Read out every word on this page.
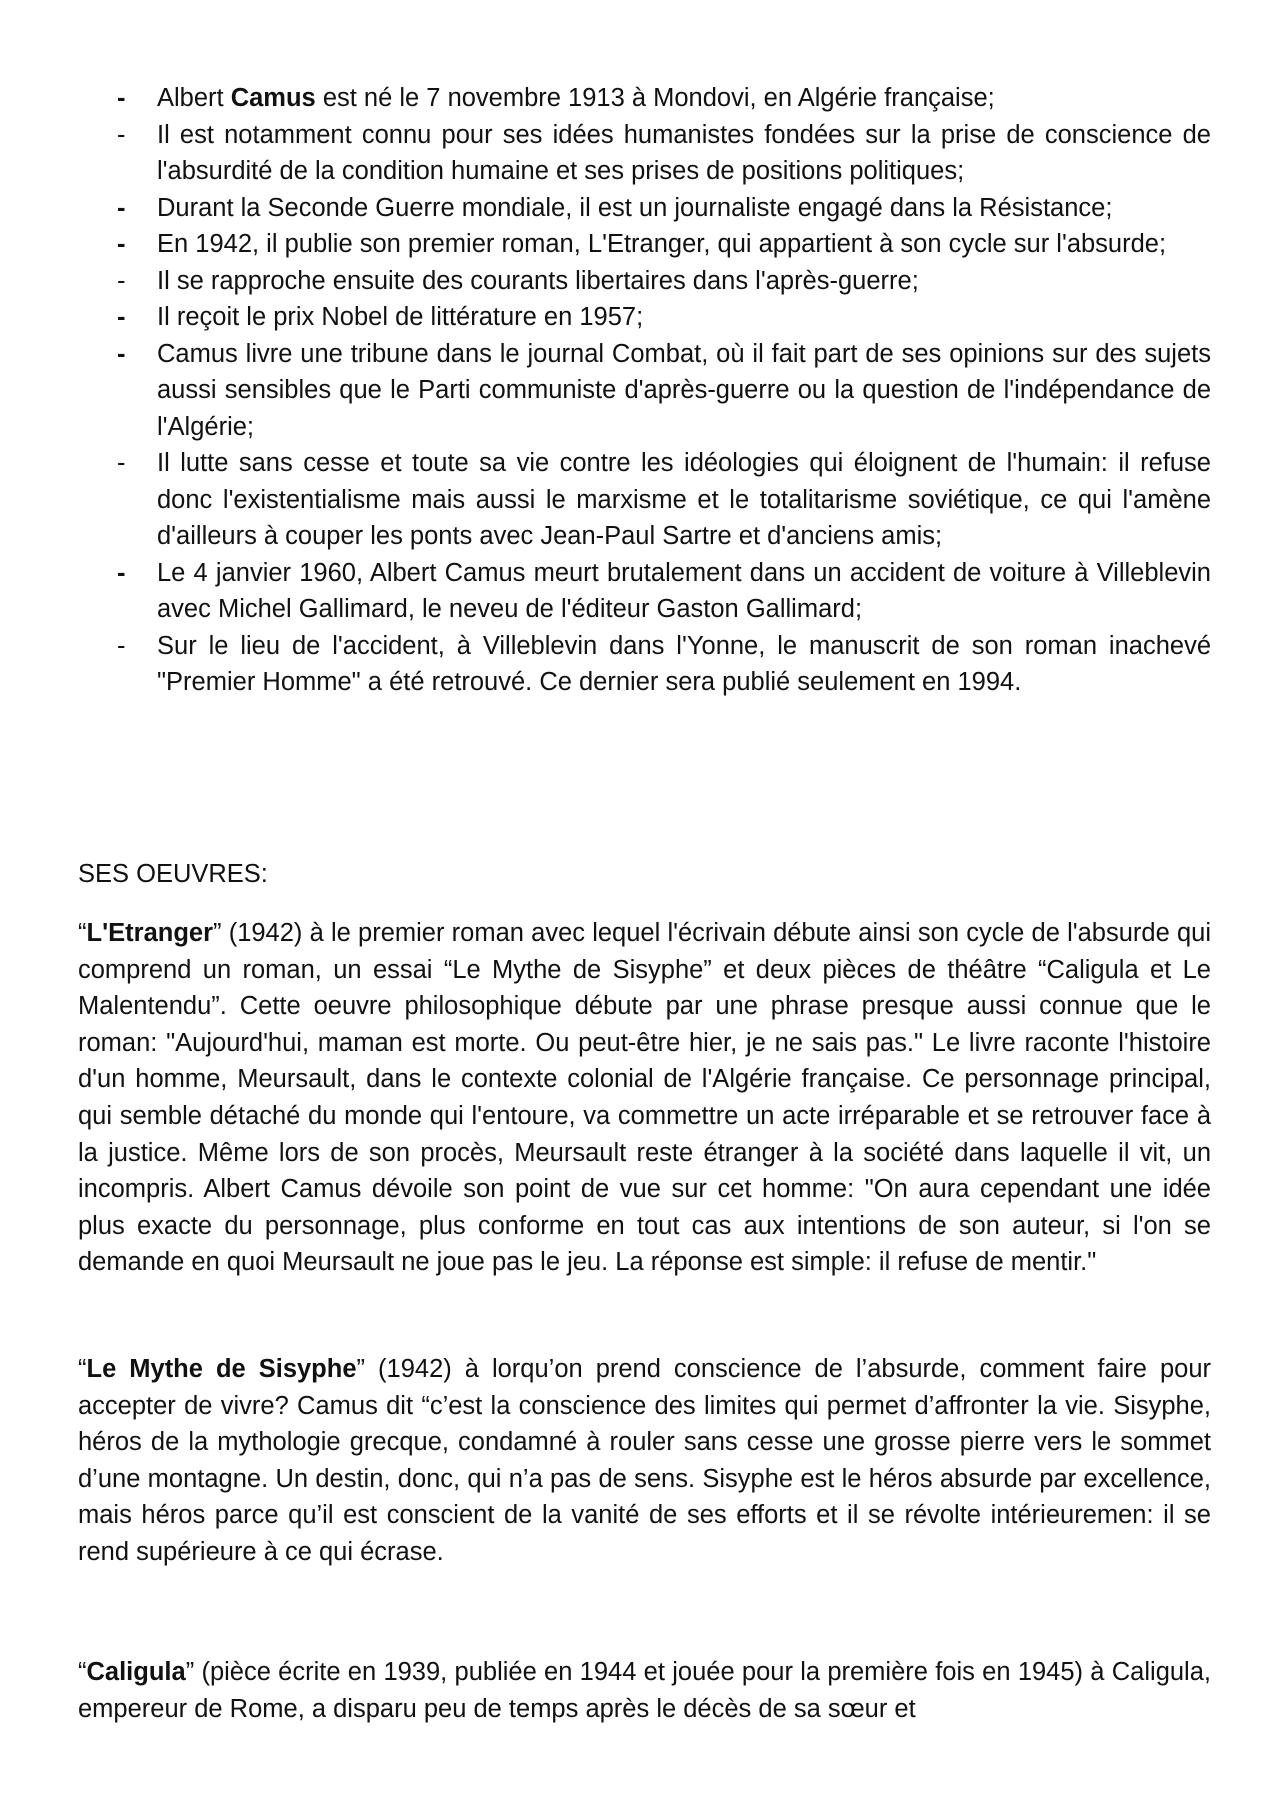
-	Albert Camus est né le 7 novembre 1913 à Mondovi, en Algérie française;
-	Il est notamment connu pour ses idées humanistes fondées sur la prise de conscience de l'absurdité de la condition humaine et ses prises de positions politiques;
-	Durant la Seconde Guerre mondiale, il est un journaliste engagé dans la Résistance;
-	En 1942, il publie son premier roman, L'Etranger, qui appartient à son cycle sur l'absurde;
-	Il se rapproche ensuite des courants libertaires dans l'après-guerre;
-	Il reçoit le prix Nobel de littérature en 1957;
-	Camus livre une tribune dans le journal Combat, où il fait part de ses opinions sur des sujets aussi sensibles que le Parti communiste d'après-guerre ou la question de l'indépendance de l'Algérie;
-	Il lutte sans cesse et toute sa vie contre les idéologies qui éloignent de l'humain: il refuse donc l'existentialisme mais aussi le marxisme et le totalitarisme soviétique, ce qui l'amène d'ailleurs à couper les ponts avec Jean-Paul Sartre et d'anciens amis;
-	Le 4 janvier 1960, Albert Camus meurt brutalement dans un accident de voiture à Villeblevin avec Michel Gallimard, le neveu de l'éditeur Gaston Gallimard;
-	Sur le lieu de l'accident, à Villeblevin dans l'Yonne, le manuscrit de son roman inachevé "Premier Homme" a été retrouvé. Ce dernier sera publié seulement en 1994.
SES OEUVRES:

“L'Etranger” (1942) à le premier roman avec lequel l'écrivain débute ainsi son cycle de l'absurde qui comprend un roman, un essai “Le Mythe de Sisyphe” et deux pièces de théâtre “Caligula et Le Malentendu”. Cette oeuvre philosophique débute par une phrase presque aussi connue que le roman: "Aujourd'hui, maman est morte. Ou peut-être hier, je ne sais pas." Le livre raconte l'histoire d'un homme, Meursault, dans le contexte colonial de l'Algérie française. Ce personnage principal, qui semble détaché du monde qui l'entoure, va commettre un acte irréparable et se retrouver face à la justice. Même lors de son procès, Meursault reste étranger à la société dans laquelle il vit, un incompris. Albert Camus dévoile son point de vue sur cet homme: "On aura cependant une idée plus exacte du personnage, plus conforme en tout cas aux intentions de son auteur, si l'on se demande en quoi Meursault ne joue pas le jeu. La réponse est simple: il refuse de mentir."

“Le Mythe de Sisyphe” (1942) à lorqu’on prend conscience de l’absurde, comment faire pour accepter de vivre? Camus dit “c’est la conscience des limites qui permet d’affronter la vie. Sisyphe, héros de la mythologie grecque, condamné à rouler sans cesse une grosse pierre vers le sommet d’une montagne. Un destin, donc, qui n’a pas de sens. Sisyphe est le héros absurde par excellence, mais héros parce qu’il est conscient de la vanité de ses efforts et il se révolte intérieuremen: il se rend supérieure à ce qui écrase.

“Caligula” (pièce écrite en 1939, publiée en 1944 et jouée pour la première fois en 1945) à Caligula, empereur de Rome, a disparu peu de temps après le décès de sa sœur et
